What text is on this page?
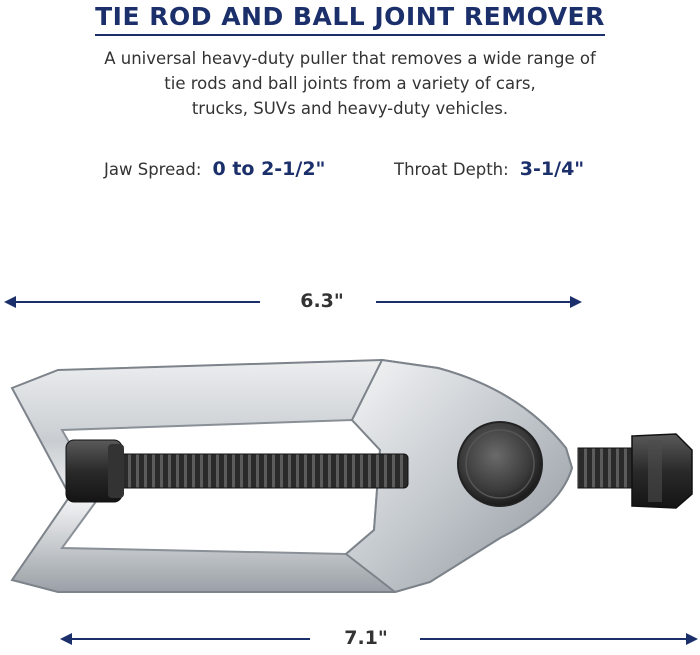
TIE ROD AND BALL JOINT REMOVER
A universal heavy-duty puller that removes a wide range of
tie rods and ball joints from a variety of cars,
trucks, SUVs and heavy-duty vehicles.
Jaw Spread: 0 to 2-1/2"	Throat Depth: 3-1/4"
6.3"
7.1"
